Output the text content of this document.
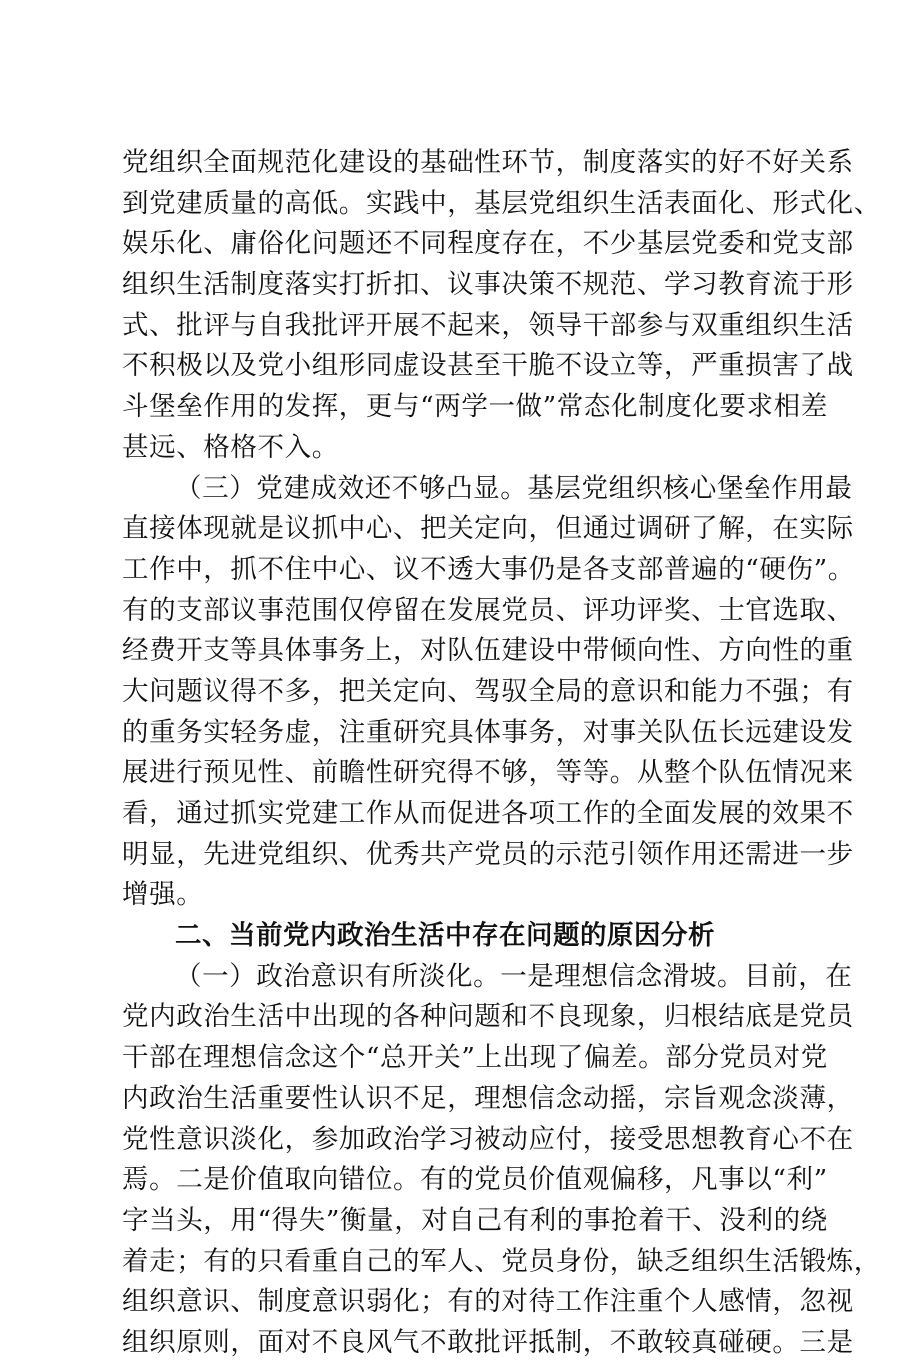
党组织全面规范化建设的基础性环节，制度落实的好不好关系
到党建质量的高低。实践中，基层党组织生活表面化、形式化、
娱乐化、庸俗化问题还不同程度存在，不少基层党委和党支部
组织生活制度落实打折扣、议事决策不规范、学习教育流于形
式、批评与自我批评开展不起来，领导干部参与双重组织生活
不积极以及党小组形同虚设甚至干脆不设立等，严重损害了战
斗堡垒作用的发挥，更与“两学一做”常态化制度化要求相差
甚远、格格不入。
（三）党建成效还不够凸显。基层党组织核心堡垒作用最
直接体现就是议抓中心、把关定向，但通过调研了解，在实际
工作中，抓不住中心、议不透大事仍是各支部普遍的“硬伤”。
有的支部议事范围仅停留在发展党员、评功评奖、士官选取、
经费开支等具体事务上，对队伍建设中带倾向性、方向性的重
大问题议得不多，把关定向、驾驭全局的意识和能力不强；有
的重务实轻务虚，注重研究具体事务，对事关队伍长远建设发
展进行预见性、前瞻性研究得不够，等等。从整个队伍情况来
看，通过抓实党建工作从而促进各项工作的全面发展的效果不
明显，先进党组织、优秀共产党员的示范引领作用还需进一步
增强。
二、当前党内政治生活中存在问题的原因分析
（一）政治意识有所淡化。一是理想信念滑坡。目前，在
党内政治生活中出现的各种问题和不良现象，归根结底是党员
干部在理想信念这个“总开关”上出现了偏差。部分党员对党
内政治生活重要性认识不足，理想信念动摇，宗旨观念淡薄，
党性意识淡化，参加政治学习被动应付，接受思想教育心不在
焉。二是价值取向错位。有的党员价值观偏移，凡事以“利”
字当头，用“得失”衡量，对自己有利的事抢着干、没利的绕
着走；有的只看重自己的军人、党员身份，缺乏组织生活锻炼，
组织意识、制度意识弱化；有的对待工作注重个人感情，忽视
组织原则，面对不良风气不敢批评抵制，不敢较真碰硬。三是
